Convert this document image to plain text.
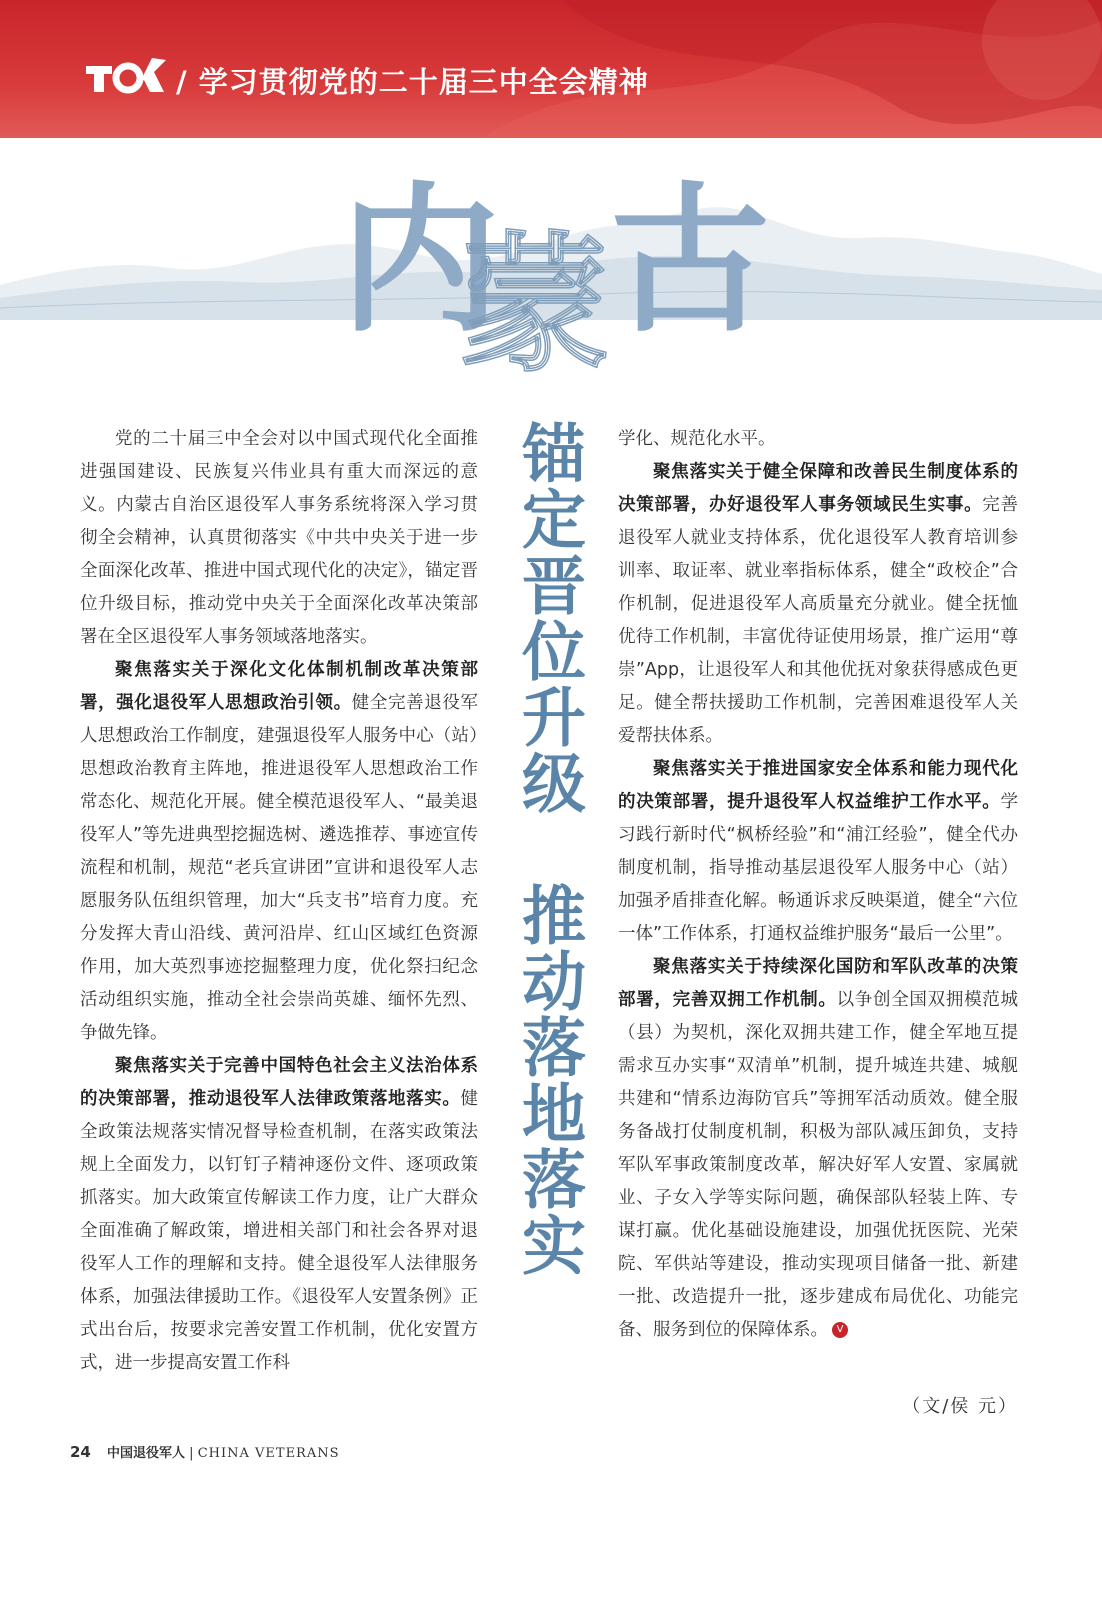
/ 学习贯彻党的二十届三中全会精神
内
蒙 古
锚定晋位升级　推动落地落实

党的二十届三中全会对以中国式现代化全面推进强国建设、民族复兴伟业具有重大而深远的意义。内蒙古自治区退役军人事务系统将深入学习贯彻全会精神，认真贯彻落实《中共中央关于进一步全面深化改革、推进中国式现代化的决定》，锚定晋位升级目标，推动党中央关于全面深化改革决策部署在全区退役军人事务领域落地落实。

聚焦落实关于深化文化体制机制改革决策部署，强化退役军人思想政治引领。健全完善退役军人思想政治工作制度，建强退役军人服务中心（站）思想政治教育主阵地，推进退役军人思想政治工作常态化、规范化开展。健全模范退役军人、“最美退役军人”等先进典型挖掘选树、遴选推荐、事迹宣传流程和机制，规范“老兵宣讲团”宣讲和退役军人志愿服务队伍组织管理，加大“兵支书”培育力度。充分发挥大青山沿线、黄河沿岸、红山区域红色资源作用，加大英烈事迹挖掘整理力度，优化祭扫纪念活动组织实施，推动全社会崇尚英雄、缅怀先烈、争做先锋。

聚焦落实关于完善中国特色社会主义法治体系的决策部署，推动退役军人法律政策落地落实。健全政策法规落实情况督导检查机制，在落实政策法规上全面发力，以钉钉子精神逐份文件、逐项政策抓落实。加大政策宣传解读工作力度，让广大群众全面准确了解政策，增进相关部门和社会各界对退役军人工作的理解和支持。健全退役军人法律服务体系，加强法律援助工作。《退役军人安置条例》正式出台后，按要求完善安置工作机制，优化安置方式，进一步提高安置工作科

学化、规范化水平。

聚焦落实关于健全保障和改善民生制度体系的决策部署，办好退役军人事务领域民生实事。完善退役军人就业支持体系，优化退役军人教育培训参训率、取证率、就业率指标体系，健全“政校企”合作机制，促进退役军人高质量充分就业。健全抚恤优待工作机制，丰富优待证使用场景，推广运用“尊崇”App，让退役军人和其他优抚对象获得感成色更足。健全帮扶援助工作机制，完善困难退役军人关爱帮扶体系。

聚焦落实关于推进国家安全体系和能力现代化的决策部署，提升退役军人权益维护工作水平。学习践行新时代“枫桥经验”和“浦江经验”，健全代办制度机制，指导推动基层退役军人服务中心（站）加强矛盾排查化解。畅通诉求反映渠道，健全“六位一体”工作体系，打通权益维护服务“最后一公里”。

聚焦落实关于持续深化国防和军队改革的决策部署，完善双拥工作机制。以争创全国双拥模范城（县）为契机，深化双拥共建工作，健全军地互提需求互办实事“双清单”机制，提升城连共建、城舰共建和“情系边海防官兵”等拥军活动质效。健全服务备战打仗制度机制，积极为部队减压卸负，支持军队军事政策制度改革，解决好军人安置、家属就业、子女入学等实际问题，确保部队轻装上阵、专谋打赢。优化基础设施建设，加强优抚医院、光荣院、军供站等建设，推动实现项目储备一批、新建一批、改造提升一批，逐步建成布局优化、功能完备、服务到位的保障体系。 V

（文/侯 元）
24 中国退役军人 | CHINA VETERANS
